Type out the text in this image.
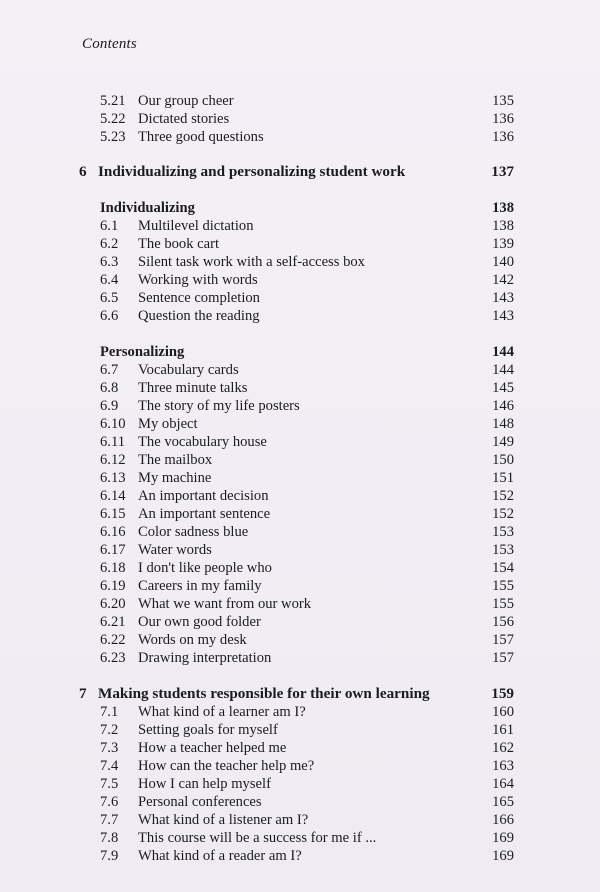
Contents
5.21 Our group cheer	135
5.22 Dictated stories	136
5.23 Three good questions	136
6 Individualizing and personalizing student work	137
Individualizing	138
6.1 Multilevel dictation	138
6.2 The book cart	139
6.3 Silent task work with a self-access box	140
6.4 Working with words	142
6.5 Sentence completion	143
6.6 Question the reading	143
Personalizing	144
6.7 Vocabulary cards	144
6.8 Three minute talks	145
6.9 The story of my life posters	146
6.10 My object	148
6.11 The vocabulary house	149
6.12 The mailbox	150
6.13 My machine	151
6.14 An important decision	152
6.15 An important sentence	152
6.16 Color sadness blue	153
6.17 Water words	153
6.18 I don't like people who	154
6.19 Careers in my family	155
6.20 What we want from our work	155
6.21 Our own good folder	156
6.22 Words on my desk	157
6.23 Drawing interpretation	157
7 Making students responsible for their own learning	159
7.1 What kind of a learner am I?	160
7.2 Setting goals for myself	161
7.3 How a teacher helped me	162
7.4 How can the teacher help me?	163
7.5 How I can help myself	164
7.6 Personal conferences	165
7.7 What kind of a listener am I?	166
7.8 This course will be a success for me if ...	169
7.9 What kind of a reader am I?	169
